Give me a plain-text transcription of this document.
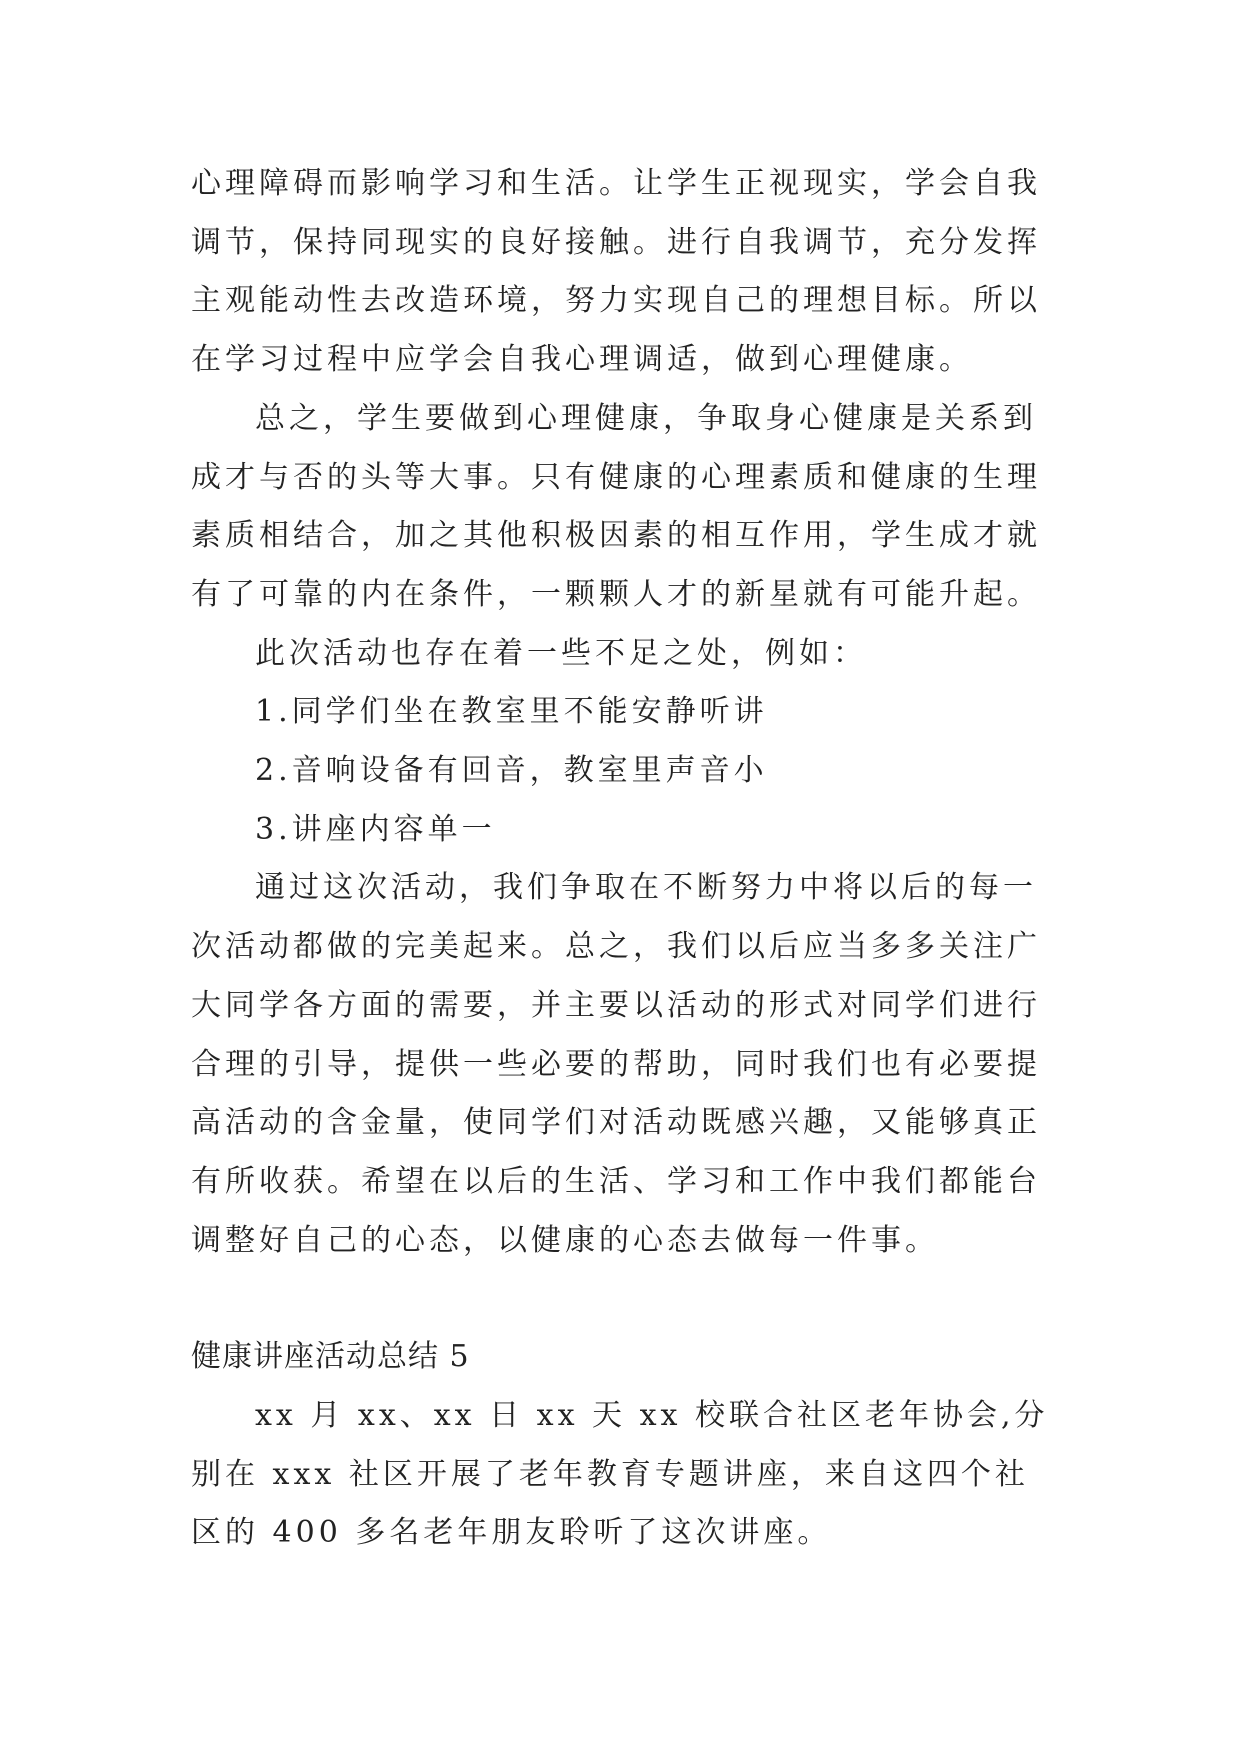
心理障碍而影响学习和生活。让学生正视现实，学会自我调节，保持同现实的良好接触。进行自我调节，充分发挥主观能动性去改造环境，努力实现自己的理想目标。所以在学习过程中应学会自我心理调适，做到心理健康。

总之，学生要做到心理健康，争取身心健康是关系到成才与否的头等大事。只有健康的心理素质和健康的生理素质相结合，加之其他积极因素的相互作用，学生成才就有了可靠的内在条件，一颗颗人才的新星就有可能升起。

此次活动也存在着一些不足之处，例如：

1.同学们坐在教室里不能安静听讲

2.音响设备有回音，教室里声音小

3.讲座内容单一

通过这次活动，我们争取在不断努力中将以后的每一次活动都做的完美起来。总之，我们以后应当多多关注广大同学各方面的需要，并主要以活动的形式对同学们进行合理的引导，提供一些必要的帮助，同时我们也有必要提高活动的含金量，使同学们对活动既感兴趣，又能够真正有所收获。希望在以后的生活、学习和工作中我们都能台调整好自己的心态，以健康的心态去做每一件事。

健康讲座活动总结 5

xx 月 xx、xx 日 xx 天 xx 校联合社区老年协会,分别在 xxx 社区开展了老年教育专题讲座，来自这四个社区的 400 多名老年朋友聆听了这次讲座。
